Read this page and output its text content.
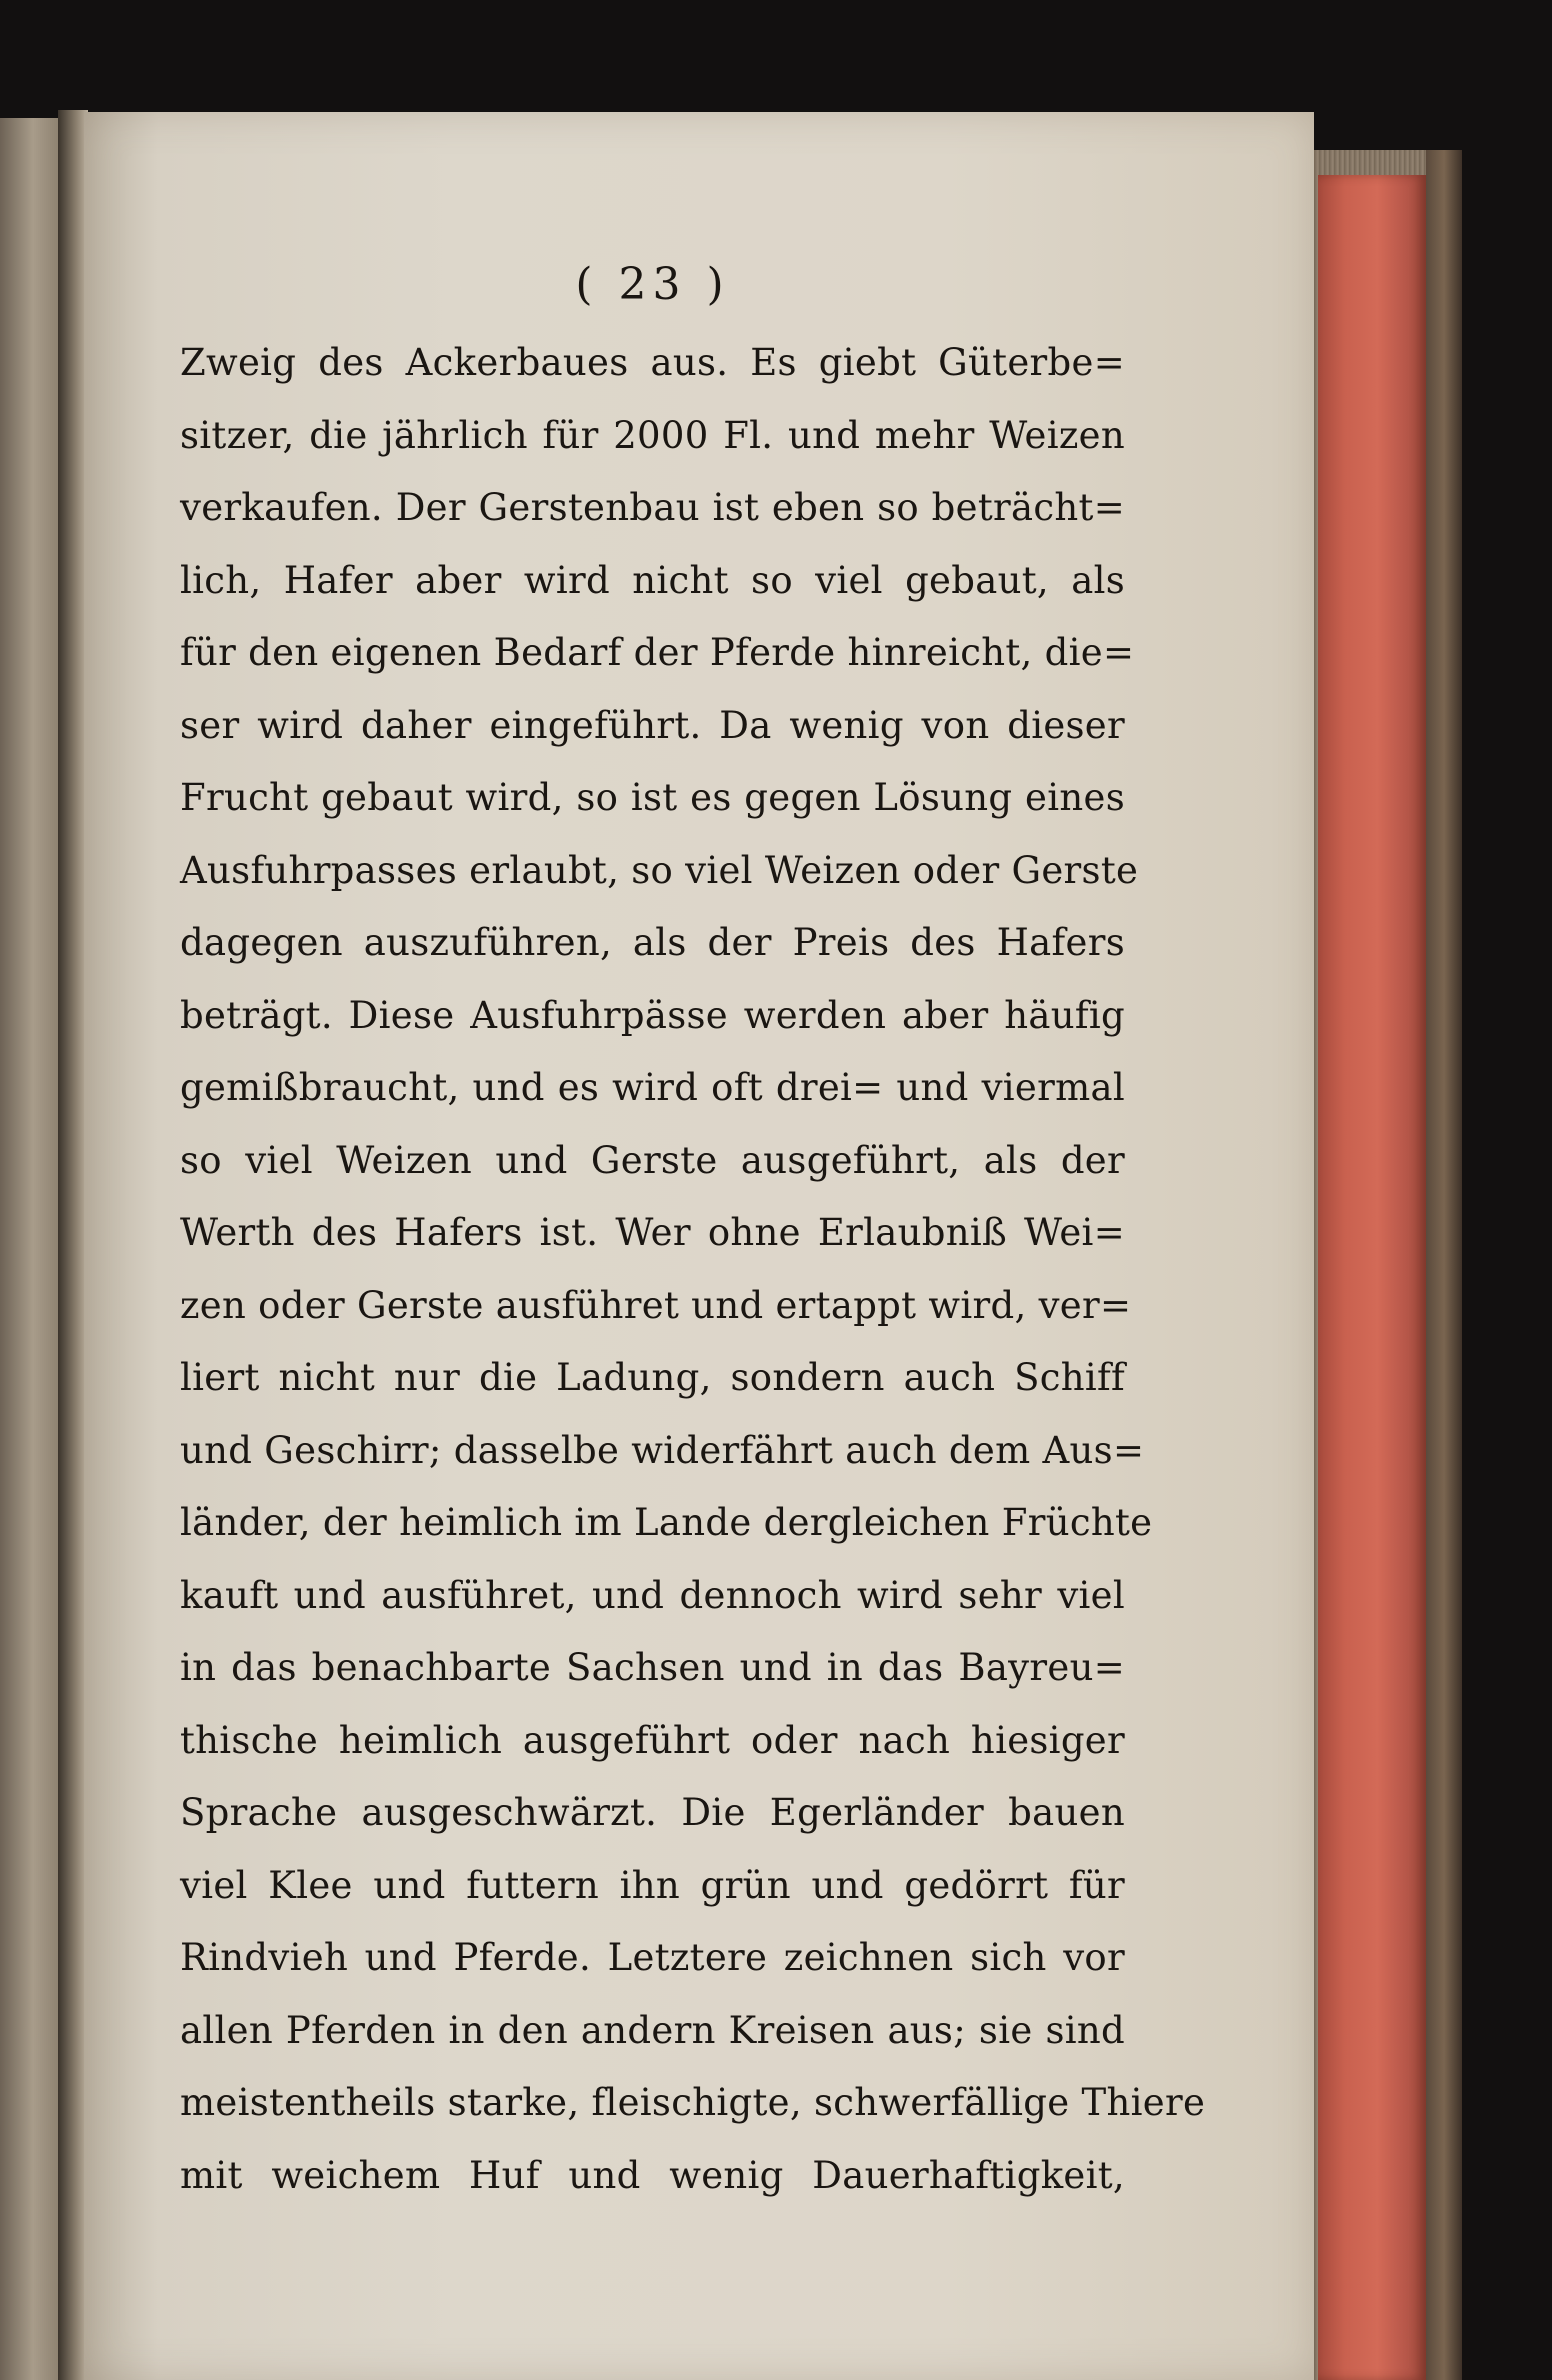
( 23 )
Zweig des Ackerbaues aus. Es giebt Güterbe=
sitzer, die jährlich für 2000 Fl. und mehr Weizen
verkaufen. Der Gerstenbau ist eben so beträcht=
lich, Hafer aber wird nicht so viel gebaut, als
für den eigenen Bedarf der Pferde hinreicht, die=
ser wird daher eingeführt. Da wenig von dieser
Frucht gebaut wird, so ist es gegen Lösung eines
Ausfuhrpasses erlaubt, so viel Weizen oder Gerste
dagegen auszuführen, als der Preis des Hafers
beträgt. Diese Ausfuhrpässe werden aber häufig
gemißbraucht, und es wird oft drei= und viermal
so viel Weizen und Gerste ausgeführt, als der
Werth des Hafers ist. Wer ohne Erlaubniß Wei=
zen oder Gerste ausführet und ertappt wird, ver=
liert nicht nur die Ladung, sondern auch Schiff
und Geschirr; dasselbe widerfährt auch dem Aus=
länder, der heimlich im Lande dergleichen Früchte
kauft und ausführet, und dennoch wird sehr viel
in das benachbarte Sachsen und in das Bayreu=
thische heimlich ausgeführt oder nach hiesiger
Sprache ausgeschwärzt. Die Egerländer bauen
viel Klee und futtern ihn grün und gedörrt für
Rindvieh und Pferde. Letztere zeichnen sich vor
allen Pferden in den andern Kreisen aus; sie sind
meistentheils starke, fleischigte, schwerfällige Thiere
mit weichem Huf und wenig Dauerhaftigkeit,
